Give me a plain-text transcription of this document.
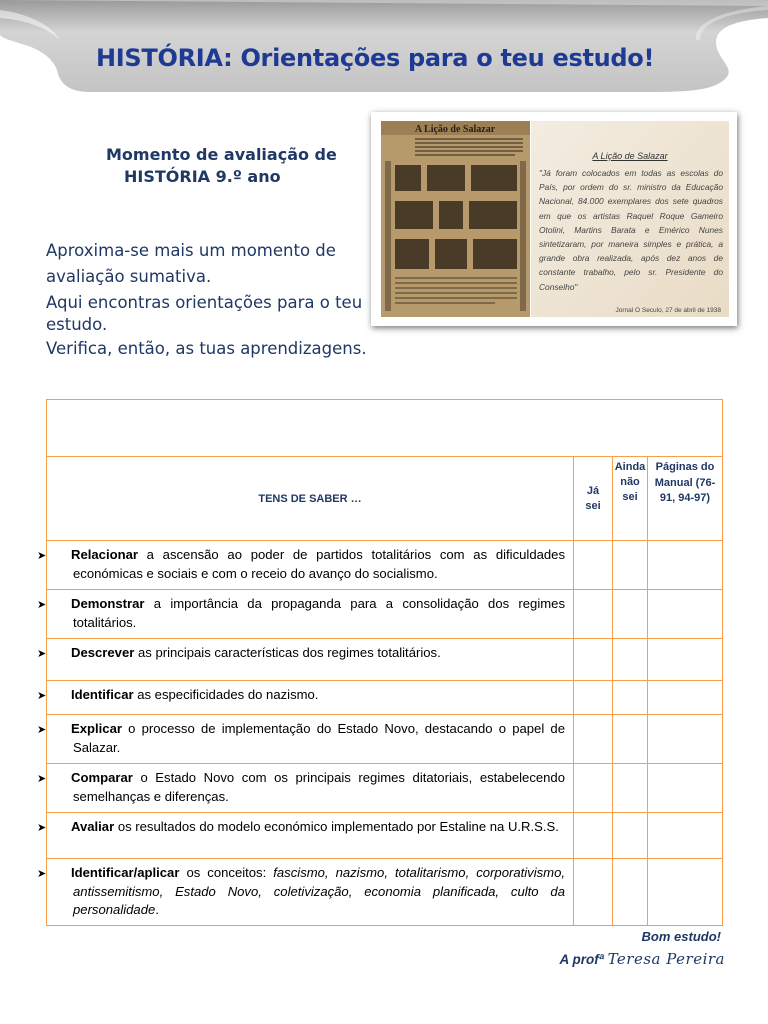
HISTÓRIA: Orientações para o teu estudo!
Momento de avaliação de

HISTÓRIA 9.º ano

Aproxima-se mais um momento de avaliação sumativa.

Aqui encontras orientações para o teu estudo.

Verifica, então, as tuas aprendizagens.

A Lição de Salazar
A Lição de Salazar
"Já foram colocados em todas as escolas do País, por ordem do sr. ministro da Educação Nacional, 84.000 exemplares dos sete quadros em que os artistas Raquel Roque Gameiro Otolini, Martins Barata e Emérico Nunes sintetizaram, por maneira simples e prática, a grande obra realizada, após dez anos de constante trabalho, pelo sr. Presidente do Conselho"
Jornal O Seculo, 27 de abril de 1938

TENS DE SABER …	Já sei	Ainda não sei	Páginas do Manual (76-91, 94-97)

➤ Relacionar a ascensão ao poder de partidos totalitários com as dificuldades económicas e sociais e com o receio do avanço do socialismo.			

➤ Demonstrar a importância da propaganda para a consolidação dos regimes totalitários.			

➤ Descrever as principais características dos regimes totalitários.			

➤ Identificar as especificidades do nazismo.			

➤ Explicar o processo de implementação do Estado Novo, destacando o papel de Salazar.			

➤ Comparar o Estado Novo com os principais regimes ditatoriais, estabelecendo semelhanças e diferenças.			

➤ Avaliar os resultados do modelo económico implementado por Estaline na U.R.S.S.			

➤ Identificar/aplicar os conceitos: fascismo, nazismo, totalitarismo, corporativismo, antissemitismo, Estado Novo, coletivização, economia planificada, culto da personalidade.			

Bom estudo!
A profª Teresa Pereira
